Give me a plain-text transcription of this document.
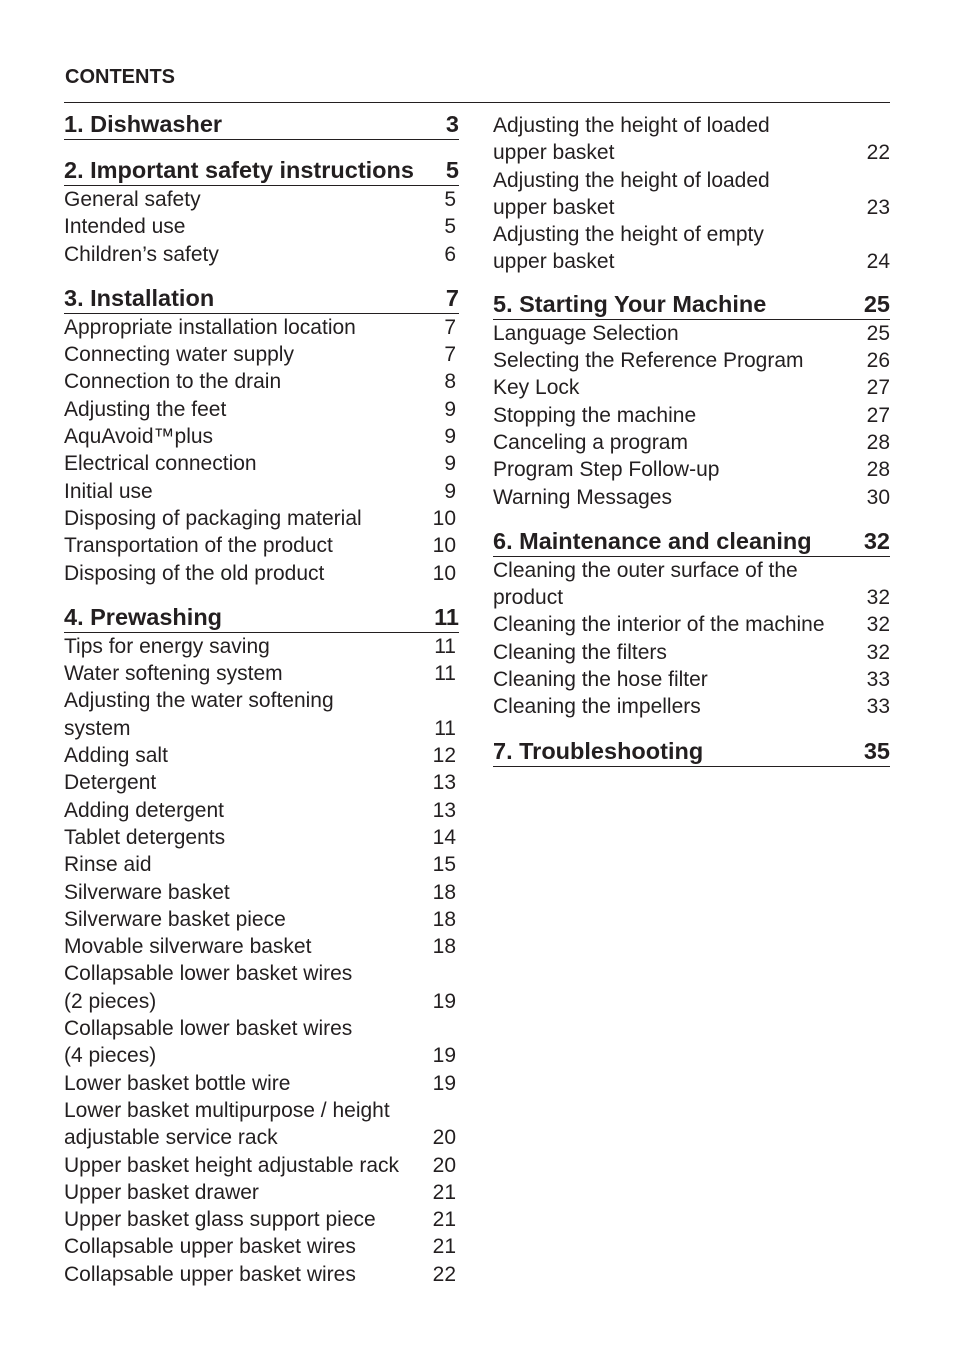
CONTENTS
1. Dishwasher	3
2. Important safety instructions 5
General safety	5
Intended use	5
Children’s safety	6
3. Installation	7
Appropriate installation location	7
Connecting water supply	7
Connection to the drain	8
Adjusting the feet	9
AquAvoid™plus	9
Electrical connection	9
Initial use	9
Disposing of packaging material	10
Transportation of the product	10
Disposing of the old product	10
4. Prewashing	11
Tips for energy saving	11
Water softening system	11
Adjusting the water softening
system	11
Adding salt	12
Detergent	13
Adding detergent	13
Tablet detergents	14
Rinse aid	15
Silverware basket	18
Silverware basket piece	18
Movable silverware basket	18
Collapsable lower basket wires
(2 pieces)	19
Collapsable lower basket wires
(4 pieces)	19
Lower basket bottle wire	19
Lower basket multipurpose / height
adjustable service rack	20
Upper basket height adjustable rack	20
Upper basket drawer	21
Upper basket glass support piece	21
Collapsable upper basket wires	21
Collapsable upper basket wires	22
Adjusting the height of loaded
upper basket	22
Adjusting the height of loaded
upper basket	23
Adjusting the height of empty
upper basket	24
5. Starting Your Machine	25
Language Selection	25
Selecting the Reference Program	26
Key Lock	27
Stopping the machine	27
Canceling a program	28
Program Step Follow-up	28
Warning Messages	30
6. Maintenance and cleaning 32
Cleaning the outer surface of the
product	32
Cleaning the interior of the machine	32
Cleaning the filters	32
Cleaning the hose filter	33
Cleaning the impellers	33
7. Troubleshooting	35
